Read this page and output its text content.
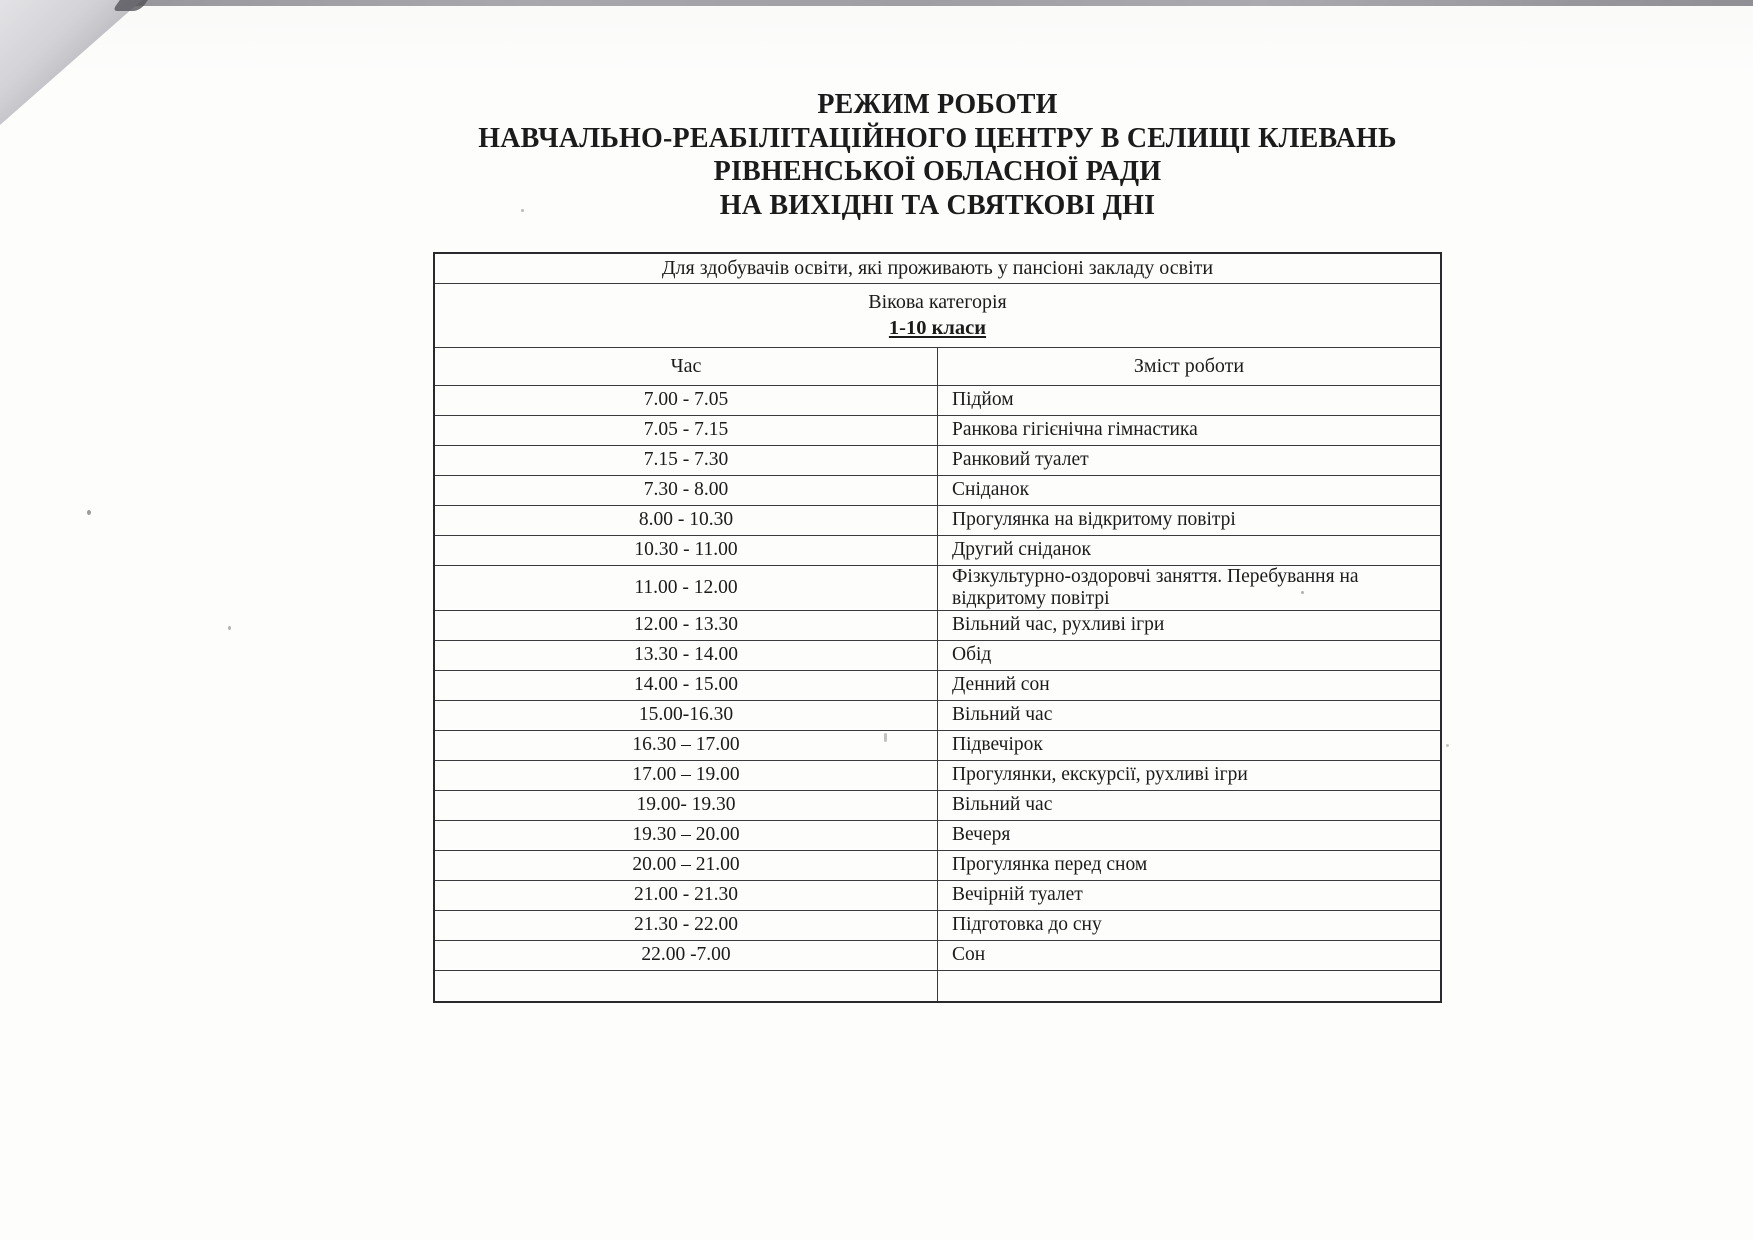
РЕЖИМ РОБОТИ
НАВЧАЛЬНО-РЕАБІЛІТАЦІЙНОГО ЦЕНТРУ В СЕЛИЩІ КЛЕВАНЬ
РІВНЕНСЬКОЇ ОБЛАСНОЇ РАДИ
НА ВИХІДНІ ТА СВЯТКОВІ ДНІ
Для здобувачів освіти, які проживають у пансіоні закладу освіти	

Вікова категорія
1-10 класи	

Час	Зміст роботи
7.00 - 7.05	Підйом
7.05 - 7.15	Ранкова гігієнічна гімнастика
7.15 - 7.30	Ранковий туалет
7.30 - 8.00	Сніданок
8.00 - 10.30	Прогулянка на відкритому повітрі
10.30 - 11.00	Другий сніданок
11.00 - 12.00	Фізкультурно-оздоровчі заняття. Перебування на відкритому повітрі
12.00 - 13.30	Вільний час, рухливі ігри
13.30 - 14.00	Обід
14.00 - 15.00	Денний сон
15.00-16.30	Вільний час
16.30 – 17.00	Підвечірок
17.00 – 19.00	Прогулянки, екскурсії, рухливі ігри
19.00- 19.30	Вільний час
19.30 – 20.00	Вечеря
20.00 – 21.00	Прогулянка перед сном
21.00 - 21.30	Вечірній туалет
21.30 - 22.00	Підготовка до сну
22.00 -7.00	Сон
